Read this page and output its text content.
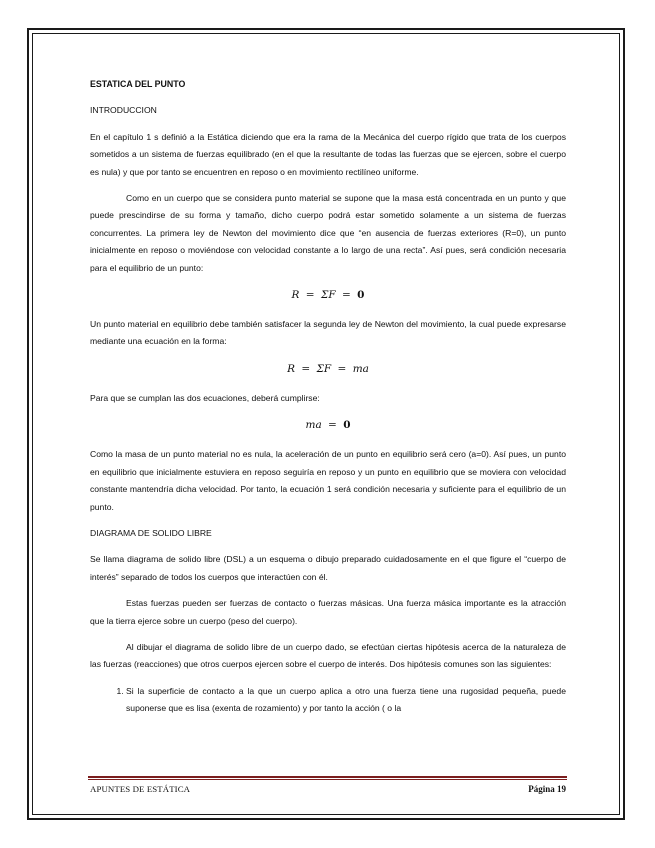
ESTATICA DEL PUNTO

INTRODUCCION

En el capítulo 1 s definió a la Estática diciendo que era la rama de la Mecánica del cuerpo rígido que trata de los cuerpos sometidos a un sistema de fuerzas equilibrado (en el que la resultante de todas las fuerzas que se ejercen, sobre el cuerpo es nula) y que por tanto se encuentren en reposo o en movimiento rectilíneo uniforme.

Como en un cuerpo que se considera punto material se supone que la masa está concentrada en un punto y que puede prescindirse de su forma y tamaño, dicho cuerpo podrá estar sometido solamente a un sistema de fuerzas concurrentes. La primera ley de Newton del movimiento dice que “en ausencia de fuerzas exteriores (R=0), un punto inicialmente en reposo o moviéndose con velocidad constante a lo largo de una recta”. Así pues, será condición necesaria para el equilibrio de un punto:

R = ΣF = 0

Un punto material en equilibrio debe también satisfacer la segunda ley de Newton del movimiento, la cual puede expresarse mediante una ecuación en la forma:

R = ΣF = ma

Para que se cumplan las dos ecuaciones, deberá cumplirse:

ma = 0

Como la masa de un punto material no es nula, la aceleración de un punto en equilibrio será cero (a=0). Así pues, un punto en equilibrio que inicialmente estuviera en reposo seguiría en reposo y un punto en equilibrio que se moviera con velocidad constante mantendría dicha velocidad. Por tanto, la ecuación 1 será condición necesaria y suficiente para el equilibrio de un punto.

DIAGRAMA DE SOLIDO LIBRE

Se llama diagrama de solido libre (DSL) a un esquema o dibujo preparado cuidadosamente en el que figure el “cuerpo de interés” separado de todos los cuerpos que interactúen con él.

Estas fuerzas pueden ser fuerzas de contacto o fuerzas másicas. Una fuerza másica importante es la atracción que la tierra ejerce sobre un cuerpo (peso del cuerpo).

Al dibujar el diagrama de solido libre de un cuerpo dado, se efectúan ciertas hipótesis acerca de la naturaleza de las fuerzas (reacciones) que otros cuerpos ejercen sobre el cuerpo de interés. Dos hipótesis comunes son las siguientes:

1. Si la superficie de contacto a la que un cuerpo aplica a otro una fuerza tiene una rugosidad pequeña, puede suponerse que es lisa (exenta de rozamiento) y por tanto la acción ( o la
APUNTES DE ESTÁTICA	Página 19
